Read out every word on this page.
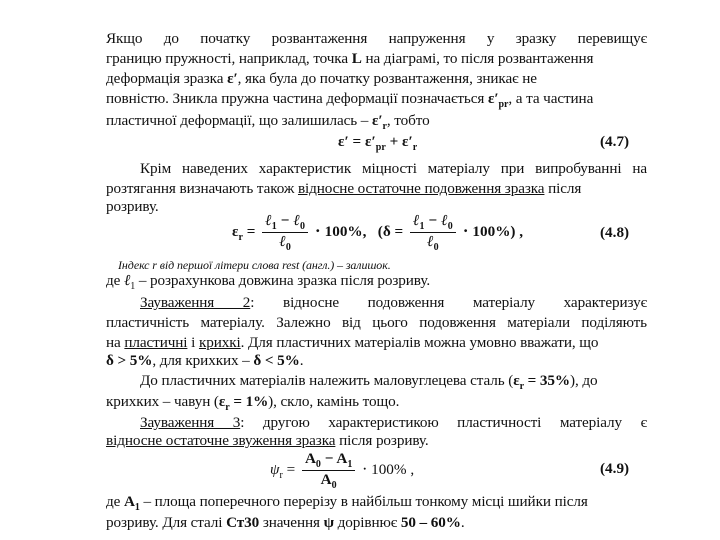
Якщо до початку розвантаження напруження у зразку перевищує
границю пружності, наприклад, точка L на діаграмі, то після розвантаження
деформація зразка ε′, яка була до початку розвантаження, зникає не
повністю. Зникла пружна частина деформації позначається $\varepsilon'_{pr}$, а та частина
пластичної деформації, що залишилась – $\varepsilon'_r$, тобто
$\varepsilon' = \varepsilon'_{pr} + \varepsilon'_r$	(4.7)
Крім наведених характеристик міцності матеріалу при випробуванні на
розтягання визначають також відносне остаточне подовження зразка після
розриву.
$\varepsilon_r = \frac{\ell_1 - \ell_0}{\ell_0} \cdot 100\%$, $(\delta = \frac{\ell_1 - \ell_0}{\ell_0} \cdot 100\%)$ ,	(4.8)
Індекс r від першої літери слова rest (англ.) – залишок.
де ℓ$_1$ – розрахункова довжина зразка після розриву.
Зауваження 2: відносне подовження матеріалу характеризує
пластичність матеріалу. Залежно від цього подовження матеріали поділяють
на пластичні і крихкі. Для пластичних матеріалів можна умовно вважати, що
δ > 5%, для крихких – δ < 5%.
До пластичних матеріалів належить маловуглецева сталь $(\varepsilon_r = 35\%)$, до
крихких – чавун $(\varepsilon_r = 1\%)$, скло, камінь тощо.
Зауваження 3: другою характеристикою пластичності матеріалу є
відносне остаточне звуження зразка після розриву.
$\psi_r = \frac{A_0 - A_1}{A_0} \cdot 100\%$ ,	(4.9)
де $A_1$ – площа поперечного перерізу в найбільш тонкому місці шийки після
розриву. Для сталі Ст30 значення ψ дорівнює 50 – 60%.
